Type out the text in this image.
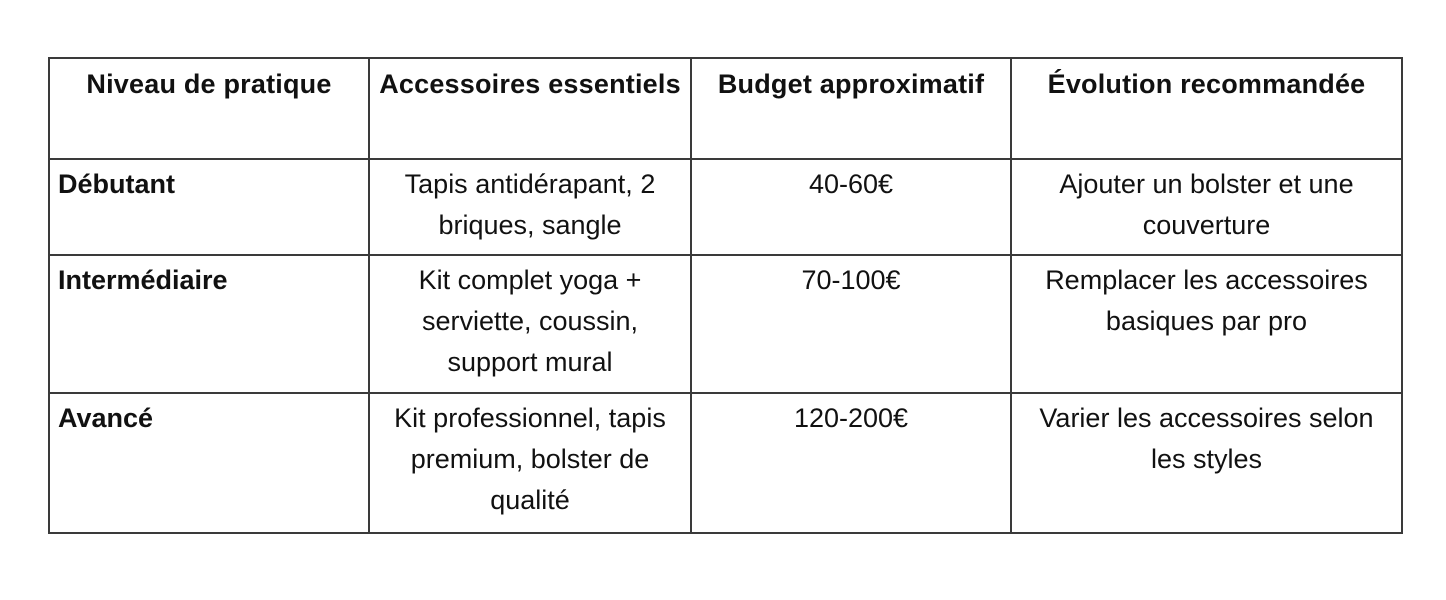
Niveau de pratique	Accessoires essentiels	Budget approximatif	Évolution recommandée
Débutant	Tapis antidérapant, 2 briques, sangle	40-60€	Ajouter un bolster et une couverture
Intermédiaire	Kit complet yoga + serviette, coussin, support mural	70-100€	Remplacer les accessoires basiques par pro
Avancé	Kit professionnel, tapis premium, bolster de qualité	120-200€	Varier les accessoires selon les styles
